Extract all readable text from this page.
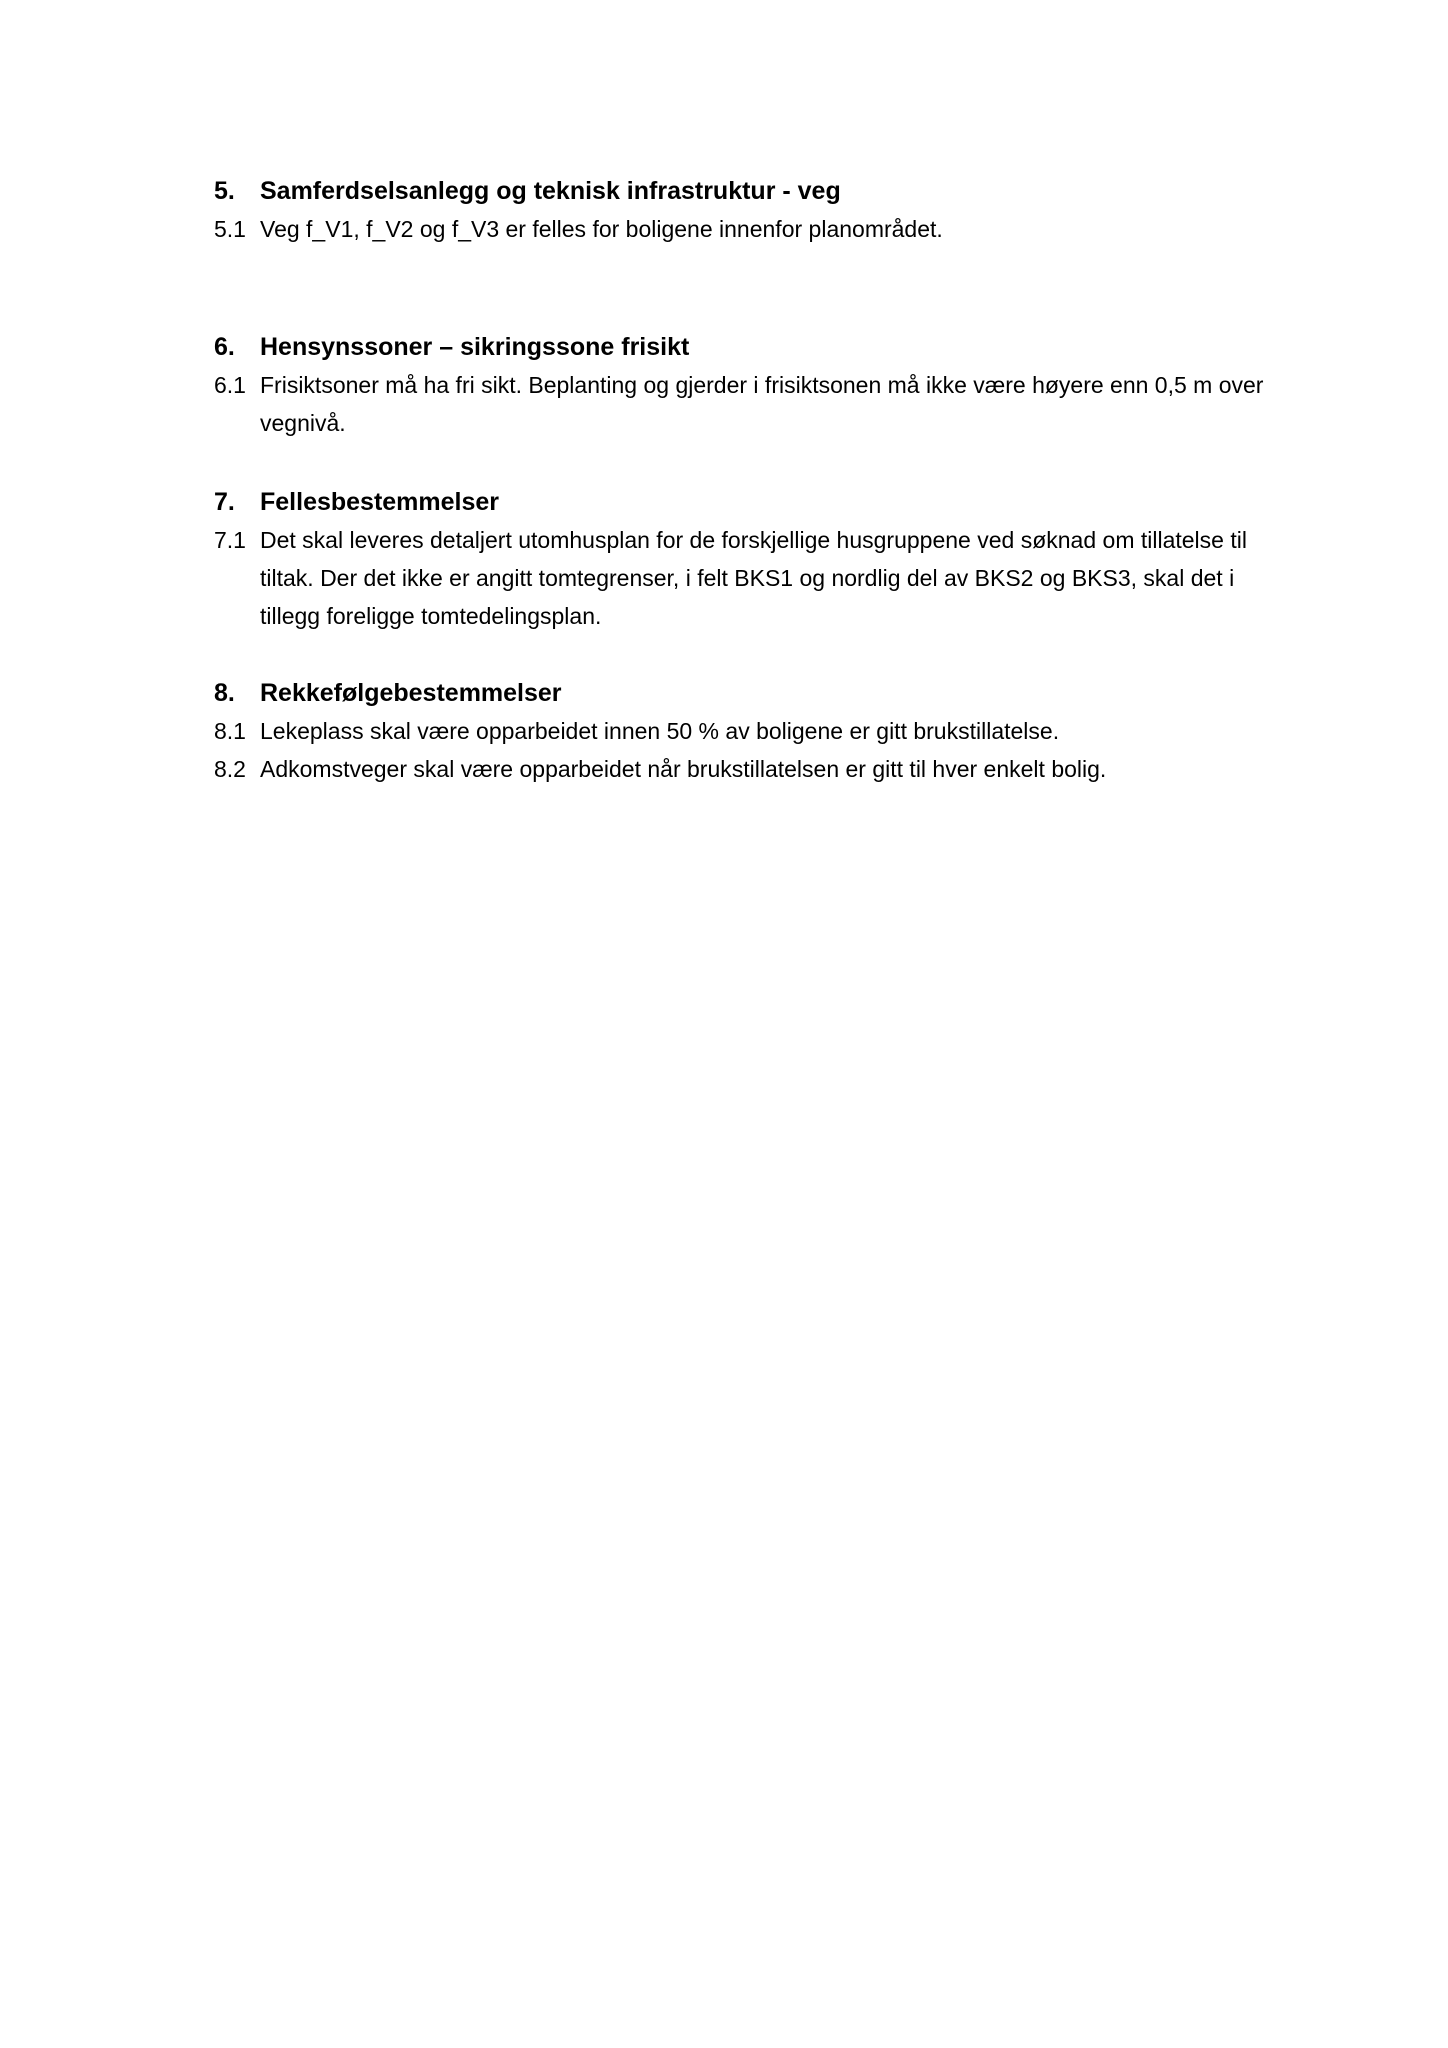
5.	Samferdselsanlegg og teknisk infrastruktur - veg
5.1 Veg f_V1, f_V2 og f_V3 er felles for boligene innenfor planområdet.
6.	Hensynssoner – sikringssone frisikt
6.1 Frisiktsoner må ha fri sikt. Beplanting og gjerder i frisiktsonen må ikke være høyere enn 0,5 m over vegnivå.
7.	Fellesbestemmelser
7.1 Det skal leveres detaljert utomhusplan for de forskjellige husgruppene ved søknad om tillatelse til tiltak. Der det ikke er angitt tomtegrenser, i felt BKS1 og nordlig del av BKS2 og BKS3, skal det i tillegg foreligge tomtedelingsplan.
8.	Rekkefølgebestemmelser
8.1 Lekeplass skal være opparbeidet innen 50 % av boligene er gitt brukstillatelse.
8.2 Adkomstveger skal være opparbeidet når brukstillatelsen er gitt til hver enkelt bolig.
